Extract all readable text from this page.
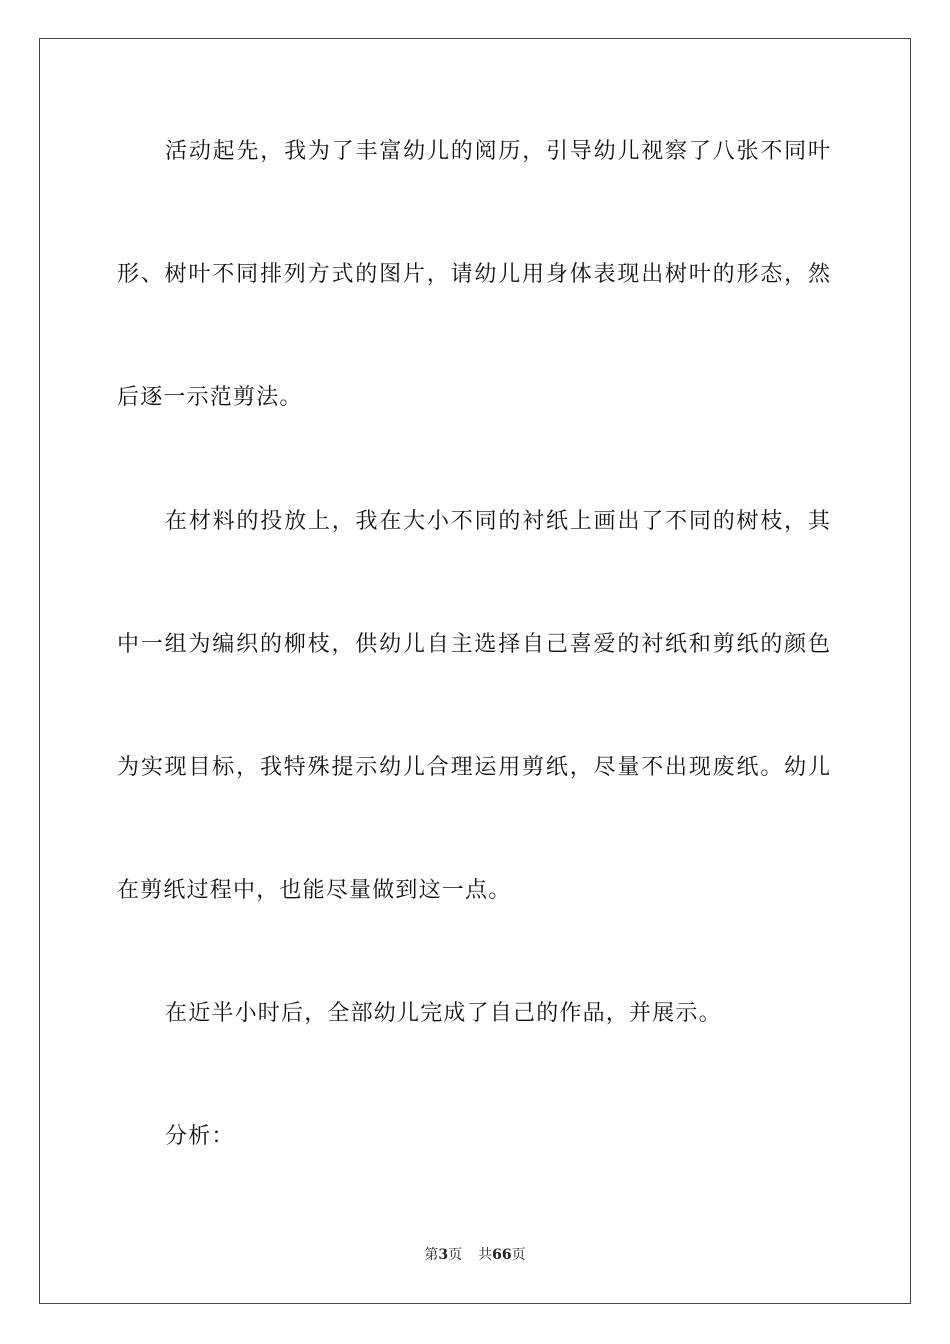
活动起先，我为了丰富幼儿的阅历，引导幼儿视察了八张不同叶
形、树叶不同排列方式的图片，请幼儿用身体表现出树叶的形态，然
后逐一示范剪法。
在材料的投放上，我在大小不同的衬纸上画出了不同的树枝，其
中一组为编织的柳枝，供幼儿自主选择自己喜爱的衬纸和剪纸的颜色
为实现目标，我特殊提示幼儿合理运用剪纸，尽量不出现废纸。幼儿
在剪纸过程中，也能尽量做到这一点。
在近半小时后，全部幼儿完成了自己的作品，并展示。
分析：
第3页 共66页
